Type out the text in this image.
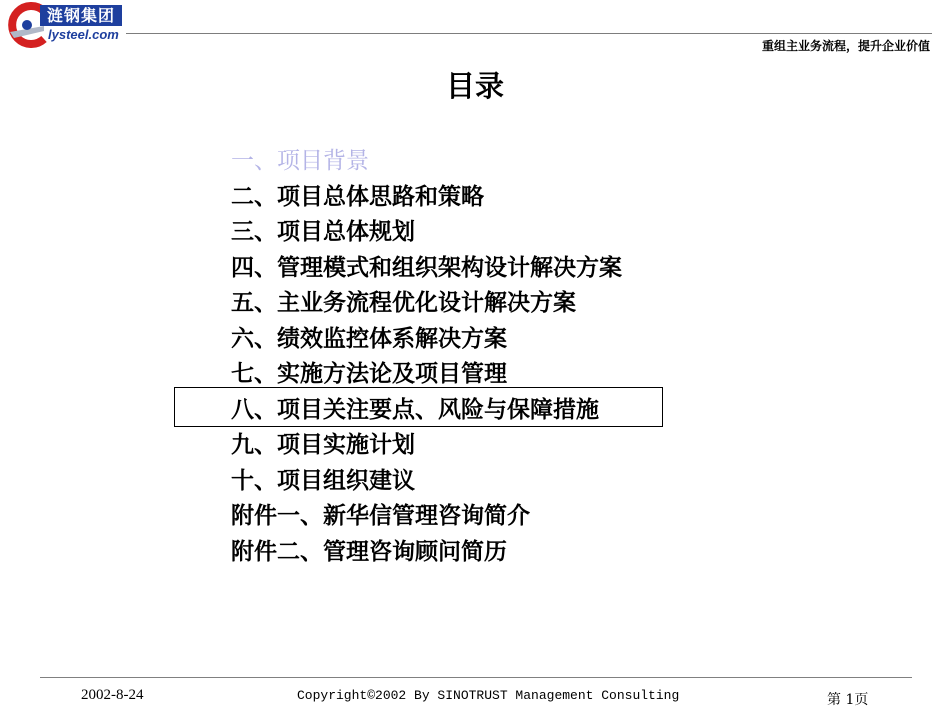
涟钢集团
lysteel.com
重组主业务流程，提升企业价值
目录
一、项目背景
二、项目总体思路和策略
三、项目总体规划
四、管理模式和组织架构设计解决方案
五、主业务流程优化设计解决方案
六、绩效监控体系解决方案
七、实施方法论及项目管理
八、项目关注要点、风险与保障措施
九、项目实施计划
十、项目组织建议
附件一、新华信管理咨询简介
附件二、管理咨询顾问简历
2002-8-24	Copyright©2002 By SINOTRUST Management Consulting	第 1页
